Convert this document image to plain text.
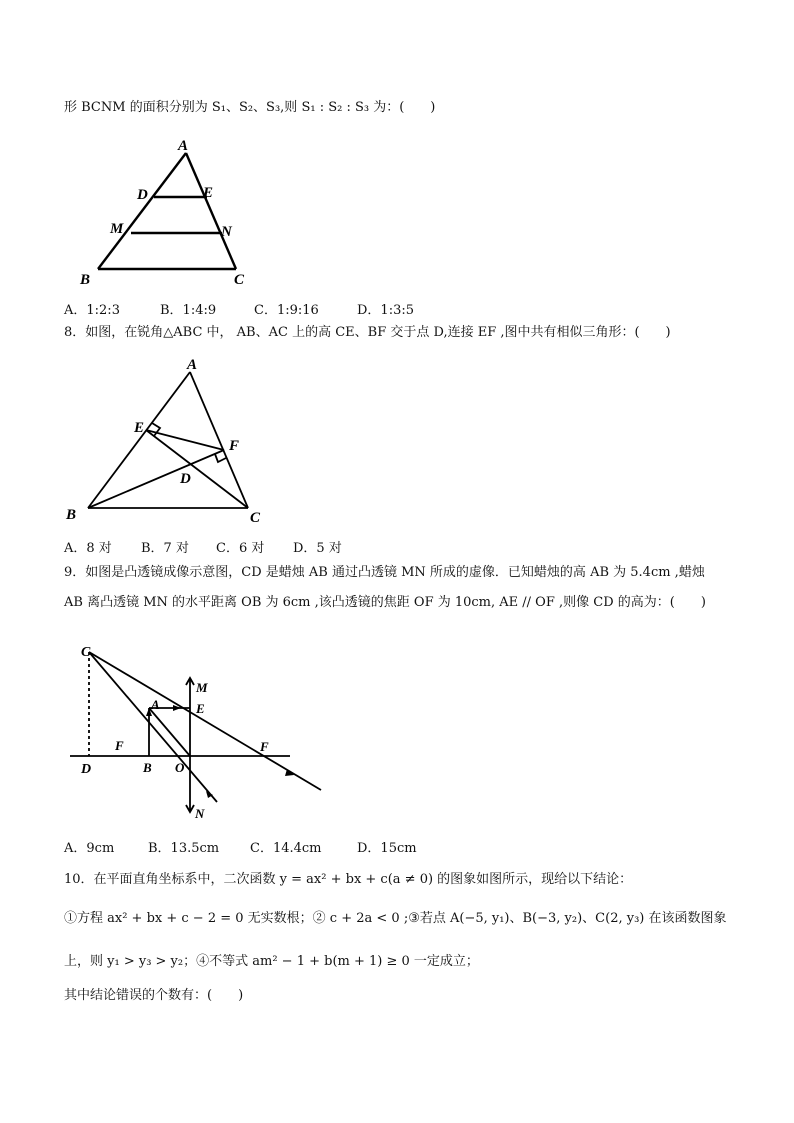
形 BCNM 的面积分别为 S₁、S₂、S₃,则 S₁ : S₂ : S₃ 为：(　　)
A
D	E
M	N
B	C
A．1:2:3	B．1:4:9	C．1:9:16	D．1:3:5
8．如图，在锐角△ABC 中， AB、AC 上的高 CE、BF 交于点 D,连接 EF ,图中共有相似三角形：(　　)
A
E
F
D
B	C
A．8 对 B．7 对 C．6 对 D．5 对
9．如图是凸透镜成像示意图，CD 是蜡烛 AB 通过凸透镜 MN 所成的虚像．已知蜡烛的高 AB 为 5.4cm ,蜡烛
AB 离凸透镜 MN 的水平距离 OB 为 6cm ,该凸透镜的焦距 OF 为 10cm, AE // OF ,则像 CD 的高为：(　　)
C
A	E
M
F	F
D	B O
N
A．9cm	B．13.5cm C．14.4cm	D．15cm
10．在平面直角坐标系中，二次函数 y = ax² + bx + c(a ≠ 0) 的图象如图所示，现给以下结论：
①方程 ax² + bx + c − 2 = 0 无实数根；② c + 2a < 0 ;③若点 A(−5, y₁)、B(−3, y₂)、C(2, y₃) 在该函数图象
上，则 y₁ > y₃ > y₂；④不等式 am² − 1 + b(m + 1) ≥ 0 一定成立；
其中结论错误的个数有：(　　)
